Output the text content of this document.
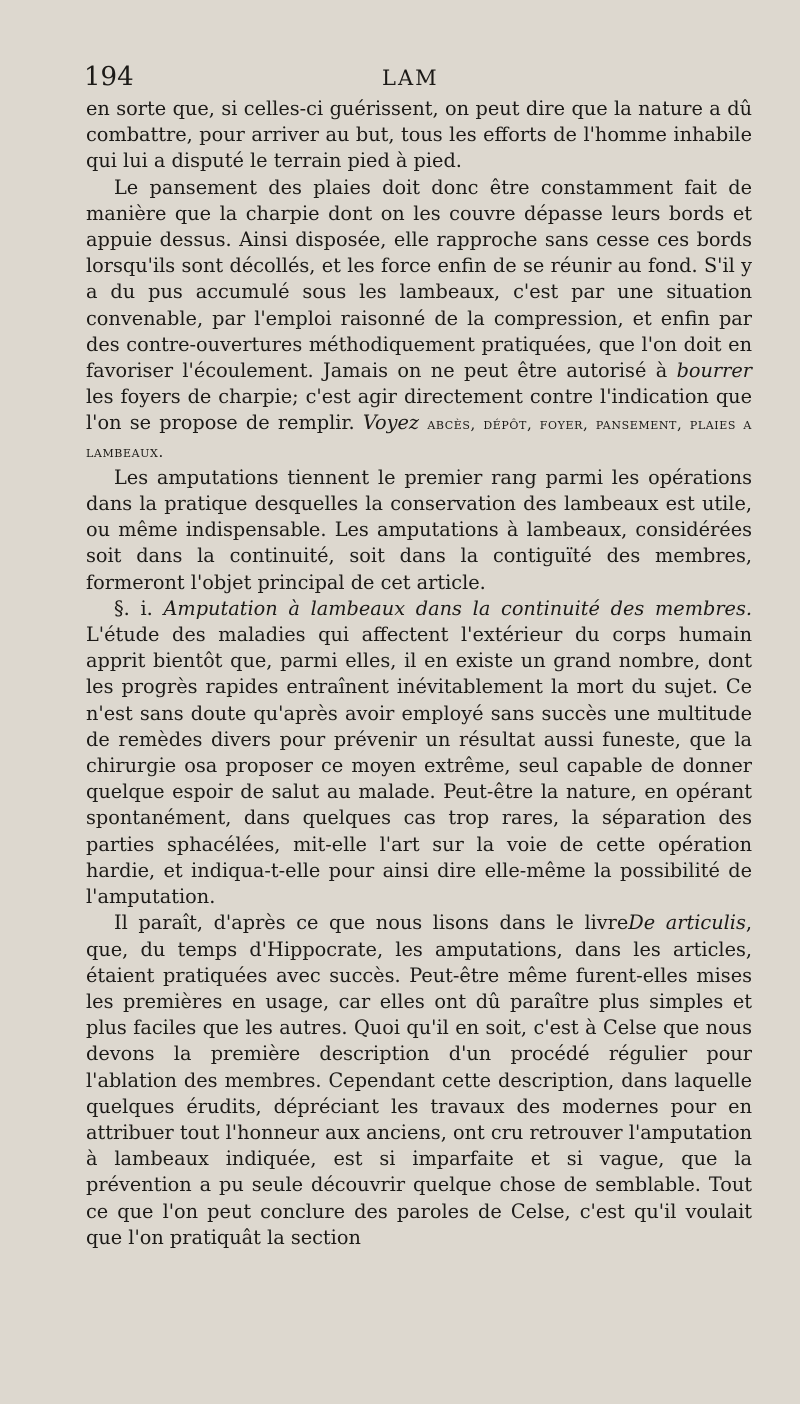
194	LAM

en sorte que, si celles-ci guérissent, on peut dire que la nature a dû combattre, pour arriver au but, tous les efforts de l'homme inhabile qui lui a disputé le terrain pied à pied.

Le pansement des plaies doit donc être constamment fait de manière que la charpie dont on les couvre dépasse leurs bords et appuie dessus. Ainsi disposée, elle rapproche sans cesse ces bords lorsqu'ils sont décollés, et les force enfin de se réunir au fond. S'il y a du pus accumulé sous les lambeaux, c'est par une situation convenable, par l'emploi raisonné de la compression, et enfin par des contre-ouvertures méthodiquement pratiquées, que l'on doit en favoriser l'écoulement. Jamais on ne peut être autorisé à bourrer les foyers de charpie; c'est agir directement contre l'indication que l'on se propose de remplir. Voyez abcès, dépôt, foyer, pansement, plaies a lambeaux.

Les amputations tiennent le premier rang parmi les opérations dans la pratique desquelles la conservation des lambeaux est utile, ou même indispensable. Les amputations à lambeaux, considérées soit dans la continuité, soit dans la contiguïté des membres, formeront l'objet principal de cet article.

§. i. Amputation à lambeaux dans la continuité des membres. L'étude des maladies qui affectent l'extérieur du corps humain apprit bientôt que, parmi elles, il en existe un grand nombre, dont les progrès rapides entraînent inévitablement la mort du sujet. Ce n'est sans doute qu'après avoir employé sans succès une multitude de remèdes divers pour prévenir un résultat aussi funeste, que la chirurgie osa proposer ce moyen extrême, seul capable de donner quelque espoir de salut au malade. Peut-être la nature, en opérant spontanément, dans quelques cas trop rares, la séparation des parties sphacélées, mit-elle l'art sur la voie de cette opération hardie, et indiqua-t-elle pour ainsi dire elle-même la possibilité de l'amputation.

Il paraît, d'après ce que nous lisons dans le livreDe articulis, que, du temps d'Hippocrate, les amputations, dans les articles, étaient pratiquées avec succès. Peut-être même furent-elles mises les premières en usage, car elles ont dû paraître plus simples et plus faciles que les autres. Quoi qu'il en soit, c'est à Celse que nous devons la première description d'un procédé régulier pour l'ablation des membres. Cependant cette description, dans laquelle quelques érudits, dépréciant les travaux des modernes pour en attribuer tout l'honneur aux anciens, ont cru retrouver l'amputation à lambeaux indiquée, est si imparfaite et si vague, que la prévention a pu seule découvrir quelque chose de semblable. Tout ce que l'on peut conclure des paroles de Celse, c'est qu'il voulait que l'on pratiquât la section
